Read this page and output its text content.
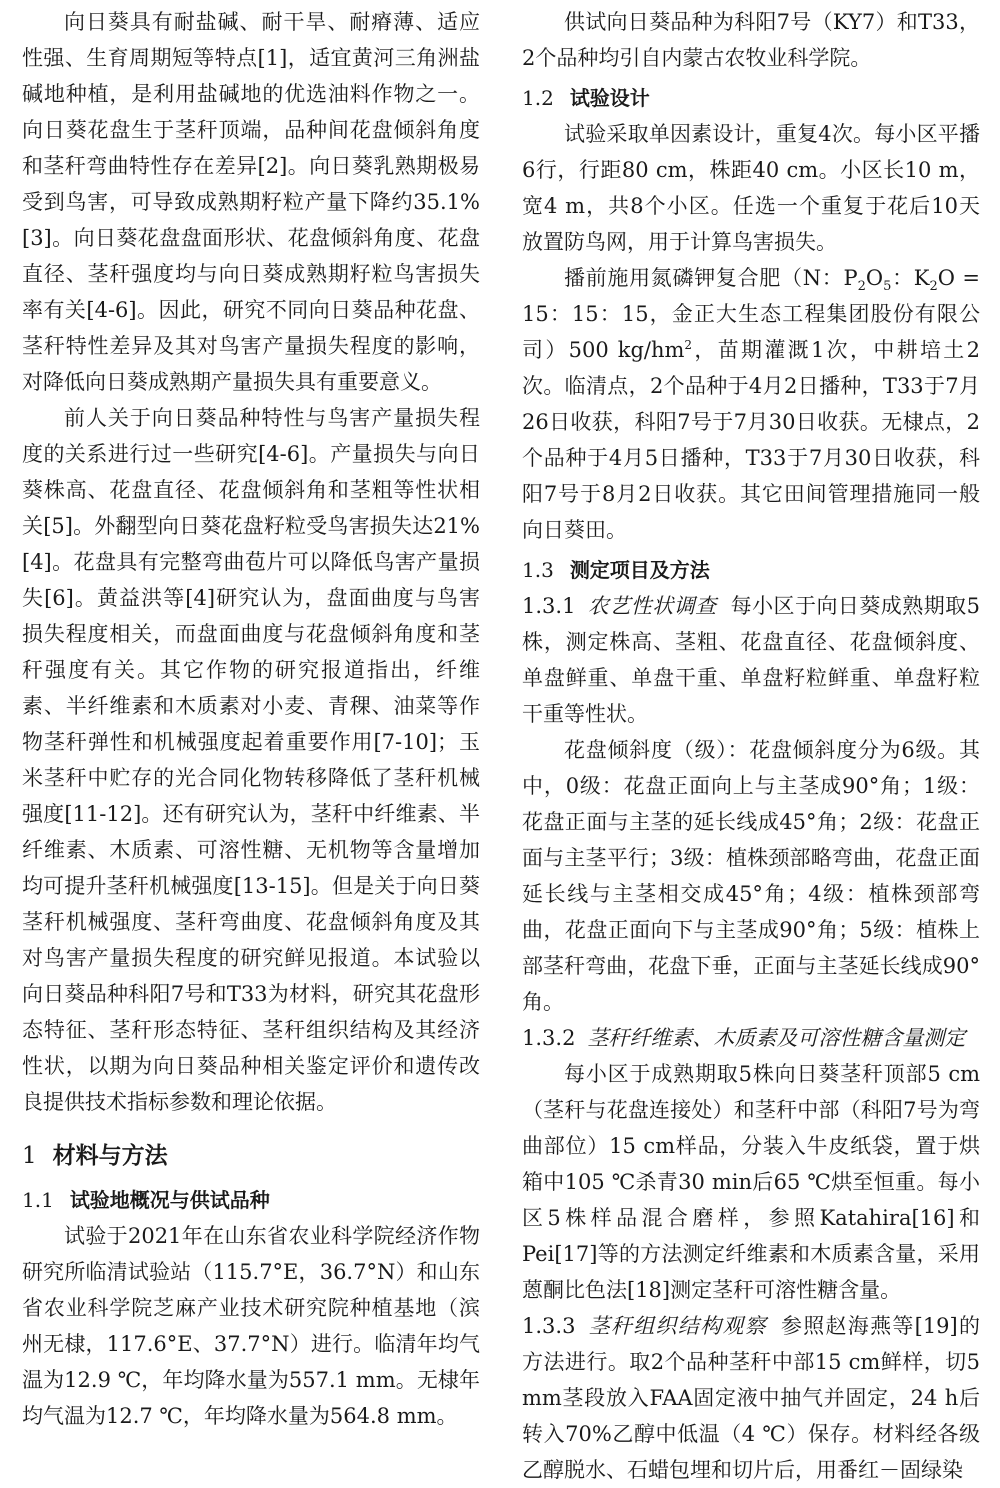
向日葵具有耐盐碱、耐干旱、耐瘠薄、适应性强、生育周期短等特点[1]，适宜黄河三角洲盐碱地种植，是利用盐碱地的优选油料作物之一。向日葵花盘生于茎秆顶端，品种间花盘倾斜角度和茎秆弯曲特性存在差异[2]。向日葵乳熟期极易受到鸟害，可导致成熟期籽粒产量下降约35.1%[3]。向日葵花盘盘面形状、花盘倾斜角度、花盘直径、茎秆强度均与向日葵成熟期籽粒鸟害损失率有关[4-6]。因此，研究不同向日葵品种花盘、茎秆特性差异及其对鸟害产量损失程度的影响，对降低向日葵成熟期产量损失具有重要意义。

前人关于向日葵品种特性与鸟害产量损失程度的关系进行过一些研究[4-6]。产量损失与向日葵株高、花盘直径、花盘倾斜角和茎粗等性状相关[5]。外翻型向日葵花盘籽粒受鸟害损失达21%[4]。花盘具有完整弯曲苞片可以降低鸟害产量损失[6]。黄益洪等[4]研究认为，盘面曲度与鸟害损失程度相关，而盘面曲度与花盘倾斜角度和茎秆强度有关。其它作物的研究报道指出，纤维素、半纤维素和木质素对小麦、青稞、油菜等作物茎秆弹性和机械强度起着重要作用[7-10]；玉米茎秆中贮存的光合同化物转移降低了茎秆机械强度[11-12]。还有研究认为，茎秆中纤维素、半纤维素、木质素、可溶性糖、无机物等含量增加均可提升茎秆机械强度[13-15]。但是关于向日葵茎秆机械强度、茎秆弯曲度、花盘倾斜角度及其对鸟害产量损失程度的研究鲜见报道。本试验以向日葵品种科阳7号和T33为材料，研究其花盘形态特征、茎秆形态特征、茎秆组织结构及其经济性状，以期为向日葵品种相关鉴定评价和遗传改良提供技术指标参数和理论依据。

1 材料与方法
1.1 试验地概况与供试品种

试验于2021年在山东省农业科学院经济作物研究所临清试验站（115.7°E，36.7°N）和山东省农业科学院芝麻产业技术研究院种植基地（滨州无棣，117.6°E、37.7°N）进行。临清年均气温为12.9 ℃，年均降水量为557.1 mm。无棣年均气温为12.7 ℃，年均降水量为564.8 mm。

供试向日葵品种为科阳7号（KY7）和T33，2个品种均引自内蒙古农牧业科学院。

1.2 试验设计

试验采取单因素设计，重复4次。每小区平播6行，行距80 cm，株距40 cm。小区长10 m，宽4 m，共8个小区。任选一个重复于花后10天放置防鸟网，用于计算鸟害损失。

播前施用氮磷钾复合肥（N：$P_2O_5$：$K_2O = 15$：15：15，金正大生态工程集团股份有限公司）500 $kg/hm^2$，苗期灌溉1次，中耕培土2次。临清点，2个品种于4月2日播种，T33于7月26日收获，科阳7号于7月30日收获。无棣点，2个品种于4月5日播种，T33于7月30日收获，科阳7号于8月2日收获。其它田间管理措施同一般向日葵田。

1.3 测定项目及方法

1.3.1 农艺性状调查 每小区于向日葵成熟期取5株，测定株高、茎粗、花盘直径、花盘倾斜度、单盘鲜重、单盘干重、单盘籽粒鲜重、单盘籽粒干重等性状。

花盘倾斜度（级）：花盘倾斜度分为6级。其中，0级：花盘正面向上与主茎成90°角；1级：花盘正面与主茎的延长线成45°角；2级：花盘正面与主茎平行；3级：植株颈部略弯曲，花盘正面延长线与主茎相交成45°角；4级：植株颈部弯曲，花盘正面向下与主茎成90°角；5级：植株上部茎秆弯曲，花盘下垂，正面与主茎延长线成90°角。

1.3.2 茎秆纤维素、木质素及可溶性糖含量测定

每小区于成熟期取5株向日葵茎秆顶部5 cm（茎秆与花盘连接处）和茎秆中部（科阳7号为弯曲部位）15 cm样品，分装入牛皮纸袋，置于烘箱中105 ℃杀青30 min后65 ℃烘至恒重。每小区5株样品混合磨样，参照Katahira[16]和Pei[17]等的方法测定纤维素和木质素含量，采用蒽酮比色法[18]测定茎秆可溶性糖含量。

1.3.3 茎秆组织结构观察 参照赵海燕等[19]的方法进行。取2个品种茎秆中部15 cm鲜样，切5 mm茎段放入FAA固定液中抽气并固定，24 h后转入70%乙醇中低温（4 ℃）保存。材料经各级乙醇脱水、石蜡包埋和切片后，用番红－固绿染
